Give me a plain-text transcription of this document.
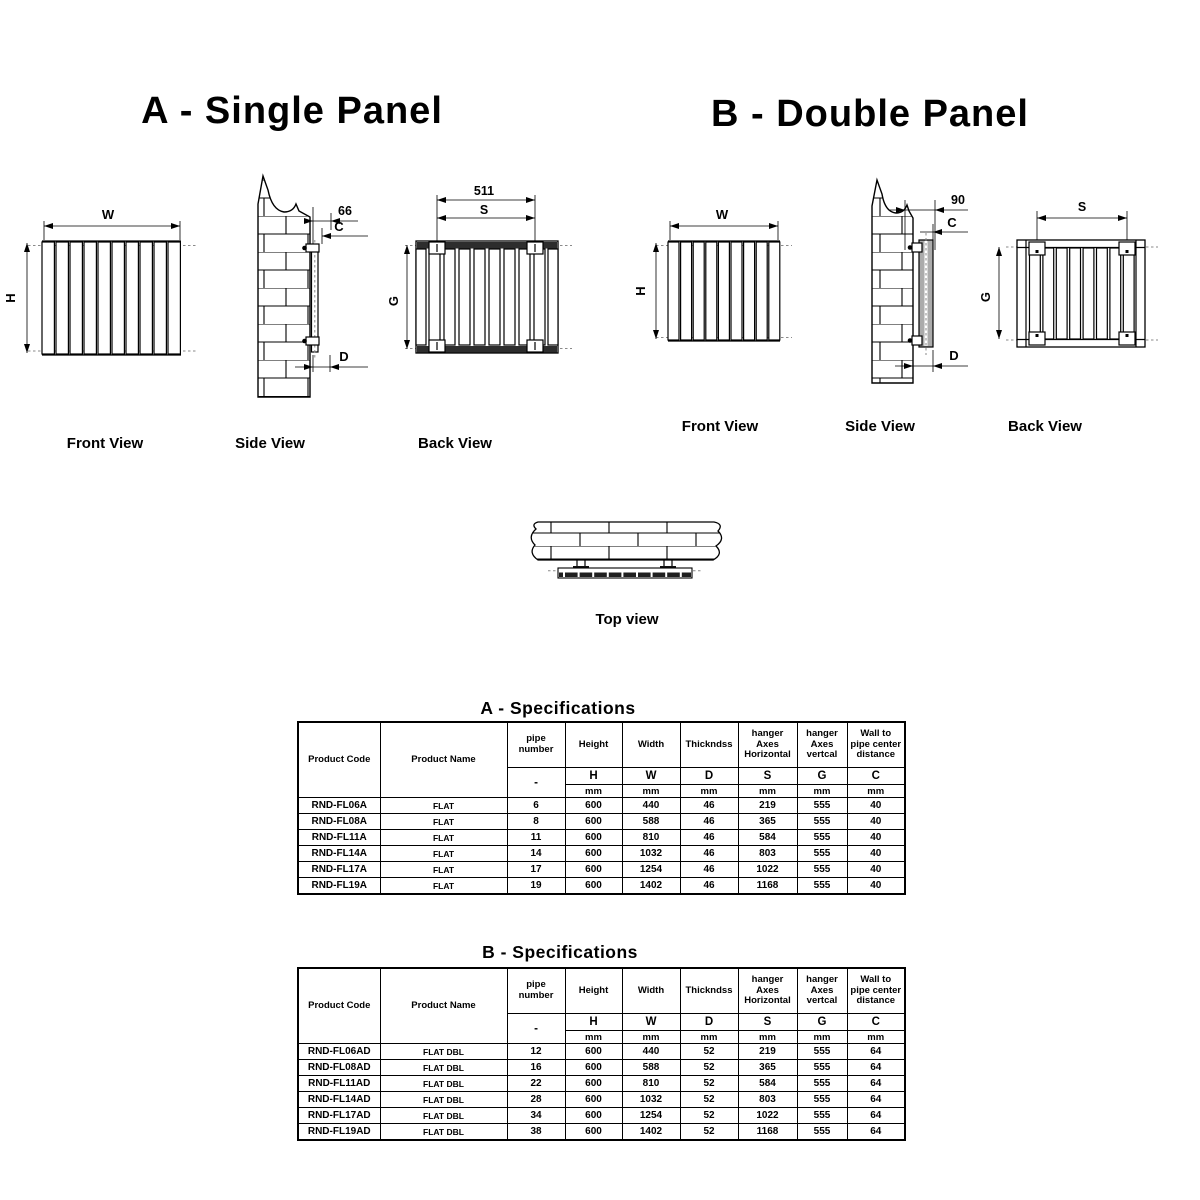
A - Single Panel	B - Double Panel
W
H
66
C
D
511
S
G
W
H
90
C
D
S
G
Front View	Side View	Back View
Front View	Side View	Back View
Top view
A - Specifications
Product Code	Product Name	pipe number	Height	Width	Thickndss	hanger Axes Horizontal	hanger Axes vertcal	Wall to pipe center distance
		-	H	W	D	S	G	C
			mm	mm	mm	mm	mm	mm
RND-FL06A	FLAT	6	600	440	46	219	555	40
RND-FL08A	FLAT	8	600	588	46	365	555	40
RND-FL11A	FLAT	11	600	810	46	584	555	40
RND-FL14A	FLAT	14	600	1032	46	803	555	40
RND-FL17A	FLAT	17	600	1254	46	1022	555	40
RND-FL19A	FLAT	19	600	1402	46	1168	555	40
B - Specifications
Product Code	Product Name	pipe number	Height	Width	Thickndss	hanger Axes Horizontal	hanger Axes vertcal	Wall to pipe center distance
		-	H	W	D	S	G	C
			mm	mm	mm	mm	mm	mm
RND-FL06AD	FLAT DBL	12	600	440	52	219	555	64
RND-FL08AD	FLAT DBL	16	600	588	52	365	555	64
RND-FL11AD	FLAT DBL	22	600	810	52	584	555	64
RND-FL14AD	FLAT DBL	28	600	1032	52	803	555	64
RND-FL17AD	FLAT DBL	34	600	1254	52	1022	555	64
RND-FL19AD	FLAT DBL	38	600	1402	52	1168	555	64
